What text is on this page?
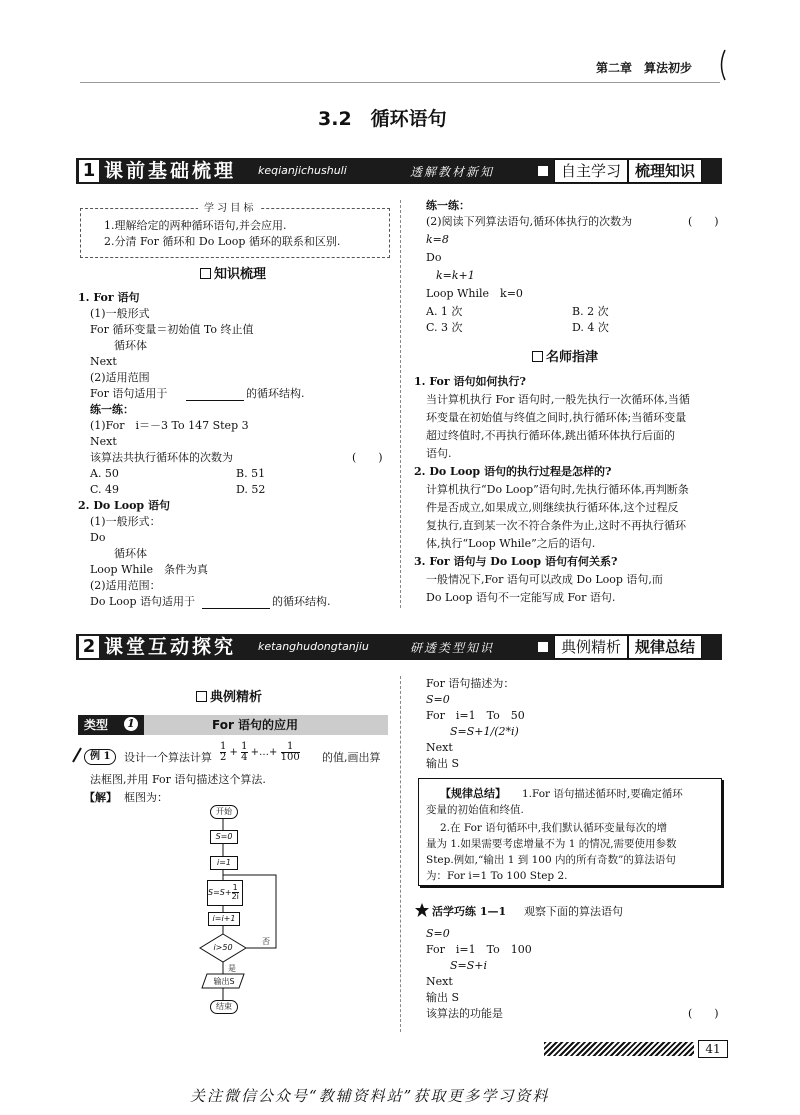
第二章　算法初步
3.2　循环语句
1 课前基础梳理 keqianjichushuli	透解教材新知	自主学习 梳理知识
学 习 目 标
1.理解给定的两种循环语句,并会应用.
2.分清 For 循环和 Do Loop 循环的联系和区别.
知识梳理
1. For 语句
(1)一般形式
For 循环变量＝初始值 To 终止值
循环体
Next
(2)适用范围
For 语句适用于	的循环结构.
练一练：
(1)For　i＝－3 To 147 Step 3
Next
该算法共执行循环体的次数为	(　　)
A. 50	B. 51
C. 49	D. 52
2. Do Loop 语句
(1)一般形式：
Do
循环体
Loop While　条件为真
(2)适用范围：
Do Loop 语句适用于	的循环结构.
练一练：
(2)阅读下列算法语句,循环体执行的次数为	(　　)
k=8
Do
k=k+1
Loop While　k=0
A. 1 次	B. 2 次
C. 3 次	D. 4 次
名师指津
1. For 语句如何执行?
当计算机执行 For 语句时,一般先执行一次循环体,当循
环变量在初始值与终值之间时,执行循环体;当循环变量
超过终值时,不再执行循环体,跳出循环体执行后面的
语句.
2. Do Loop 语句的执行过程是怎样的?
计算机执行“Do Loop”语句时,先执行循环体,再判断条
件是否成立,如果成立,则继续执行循环体,这个过程反
复执行,直到某一次不符合条件为止,这时不再执行循环
体,执行“Loop While”之后的语句.
3. For 语句与 Do Loop 语句有何关系?
一般情况下,For 语句可以改成 Do Loop 语句,而
Do Loop 语句不一定能写成 For 语句.
2 课堂互动探究 ketanghudongtanjiu	研透类型知识	典例精析 规律总结
典例精析
类型 1	For 语句的应用
例 1	设计一个算法计算 $\frac{1}{2} + \frac{1}{4}$ +…+ $\frac{1}{100}$ 的值,画出算
法框图,并用 For 语句描述这个算法.
【解】 框图为：
开始
S=0
i=1
$S=S+\frac{1}{2i}$
i=i+1
i>50
否
是
输出S
结束
For 语句描述为：
S=0
For　i=1　To　50
S=S+1/(2*i)
Next
输出 S
【规律总结】 1.For 语句描述循环时,要确定循环
变量的初始值和终值.
2.在 For 语句循环中,我们默认循环变量每次的增
量为 1.如果需要考虑增量不为 1 的情况,需要使用参数
Step.例如,“输出 1 到 100 内的所有奇数”的算法语句
为：For i=1 To 100 Step 2.
活学巧练 1—1 观察下面的算法语句
S=0
For　i=1　To　100
S=S+i
Next
输出 S
该算法的功能是	(　　)
41
关注微信公众号“教辅资料站”获取更多学习资料
